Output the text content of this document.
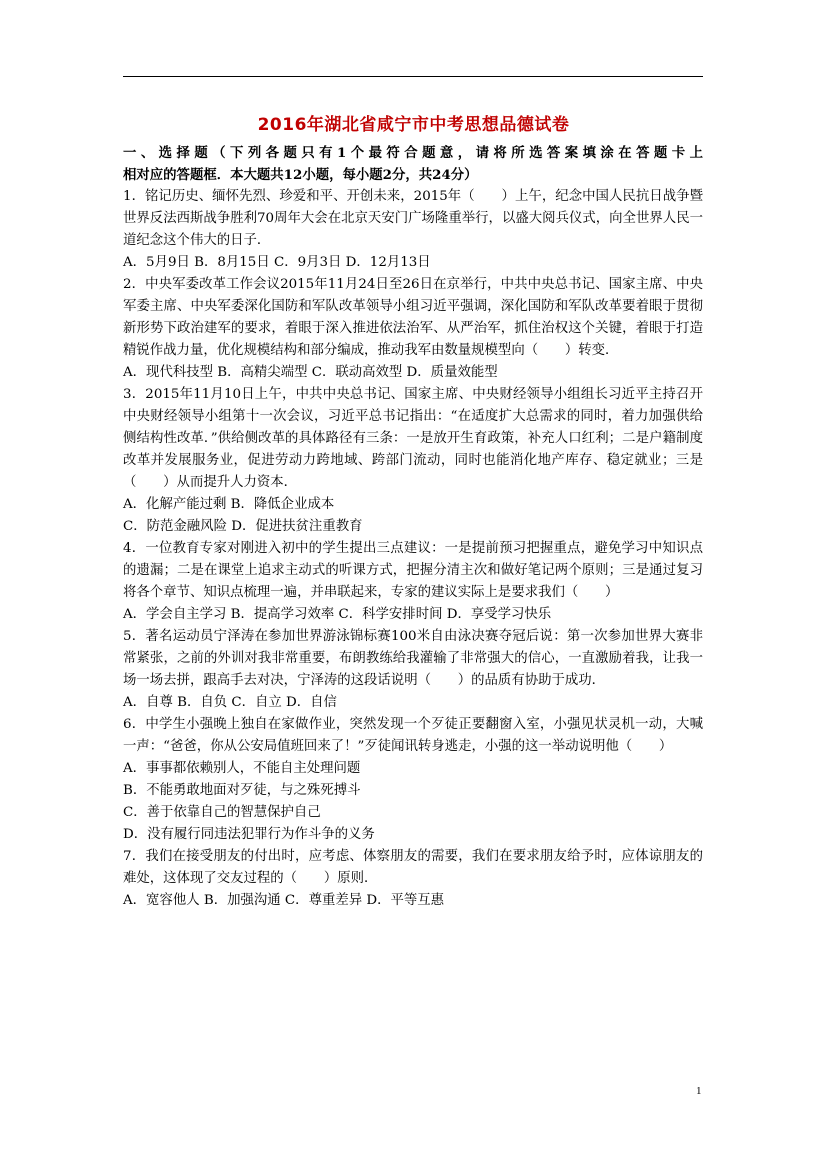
2016年湖北省咸宁市中考思想品德试卷
一、选择题（下列各题只有1个最符合题意，请将所选答案填涂在答题卡上
相对应的答题框．本大题共12小题，每小题2分，共24分）
1．铭记历史、缅怀先烈、珍爱和平、开创未来，2015年（　　）上午，纪念中国人民抗日战争暨世界反法西斯战争胜利70周年大会在北京天安门广场隆重举行，以盛大阅兵仪式，向全世界人民一道纪念这个伟大的日子．
A．5月9日 B．8月15日 C．9月3日 D．12月13日
2．中央军委改革工作会议2015年11月24日至26日在京举行，中共中央总书记、国家主席、中央军委主席、中央军委深化国防和军队改革领导小组习近平强调，深化国防和军队改革要着眼于贯彻新形势下政治建军的要求，着眼于深入推进依法治军、从严治军，抓住治权这个关键，着眼于打造精锐作战力量，优化规模结构和部分编成，推动我军由数量规模型向（　　）转变．
A．现代科技型 B．高精尖端型 C．联动高效型 D．质量效能型
3．2015年11月10日上午，中共中央总书记、国家主席、中央财经领导小组组长习近平主持召开中央财经领导小组第十一次会议，习近平总书记指出：“在适度扩大总需求的同时，着力加强供给侧结构性改革．”供给侧改革的具体路径有三条：一是放开生育政策，补充人口红利；二是户籍制度改革并发展服务业，促进劳动力跨地域、跨部门流动，同时也能消化地产库存、稳定就业；三是（　　）从而提升人力资本．
A．化解产能过剩 B．降低企业成本
C．防范金融风险 D．促进扶贫注重教育
4．一位教育专家对刚进入初中的学生提出三点建议：一是提前预习把握重点，避免学习中知识点的遗漏；二是在课堂上追求主动式的听课方式，把握分清主次和做好笔记两个原则；三是通过复习将各个章节、知识点梳理一遍，并串联起来，专家的建议实际上是要求我们（　　）
A．学会自主学习 B．提高学习效率 C．科学安排时间 D．享受学习快乐
5．著名运动员宁泽涛在参加世界游泳锦标赛100米自由泳决赛夺冠后说：第一次参加世界大赛非常紧张，之前的外训对我非常重要，布朗教练给我灌输了非常强大的信心，一直激励着我，让我一场一场去拼，跟高手去对决，宁泽涛的这段话说明（　　）的品质有协助于成功．
A．自尊 B．自负 C．自立 D．自信
6．中学生小强晚上独自在家做作业，突然发现一个歹徒正要翻窗入室，小强见状灵机一动，大喊一声：“爸爸，你从公安局值班回来了！”歹徒闻讯转身逃走，小强的这一举动说明他（　　）
A．事事都依赖别人，不能自主处理问题
B．不能勇敢地面对歹徒，与之殊死搏斗
C．善于依靠自己的智慧保护自己
D．没有履行同违法犯罪行为作斗争的义务
7．我们在接受朋友的付出时，应考虑、体察朋友的需要，我们在要求朋友给予时，应体谅朋友的难处，这体现了交友过程的（　　）原则．
A．宽容他人 B．加强沟通 C．尊重差异 D．平等互惠
1
